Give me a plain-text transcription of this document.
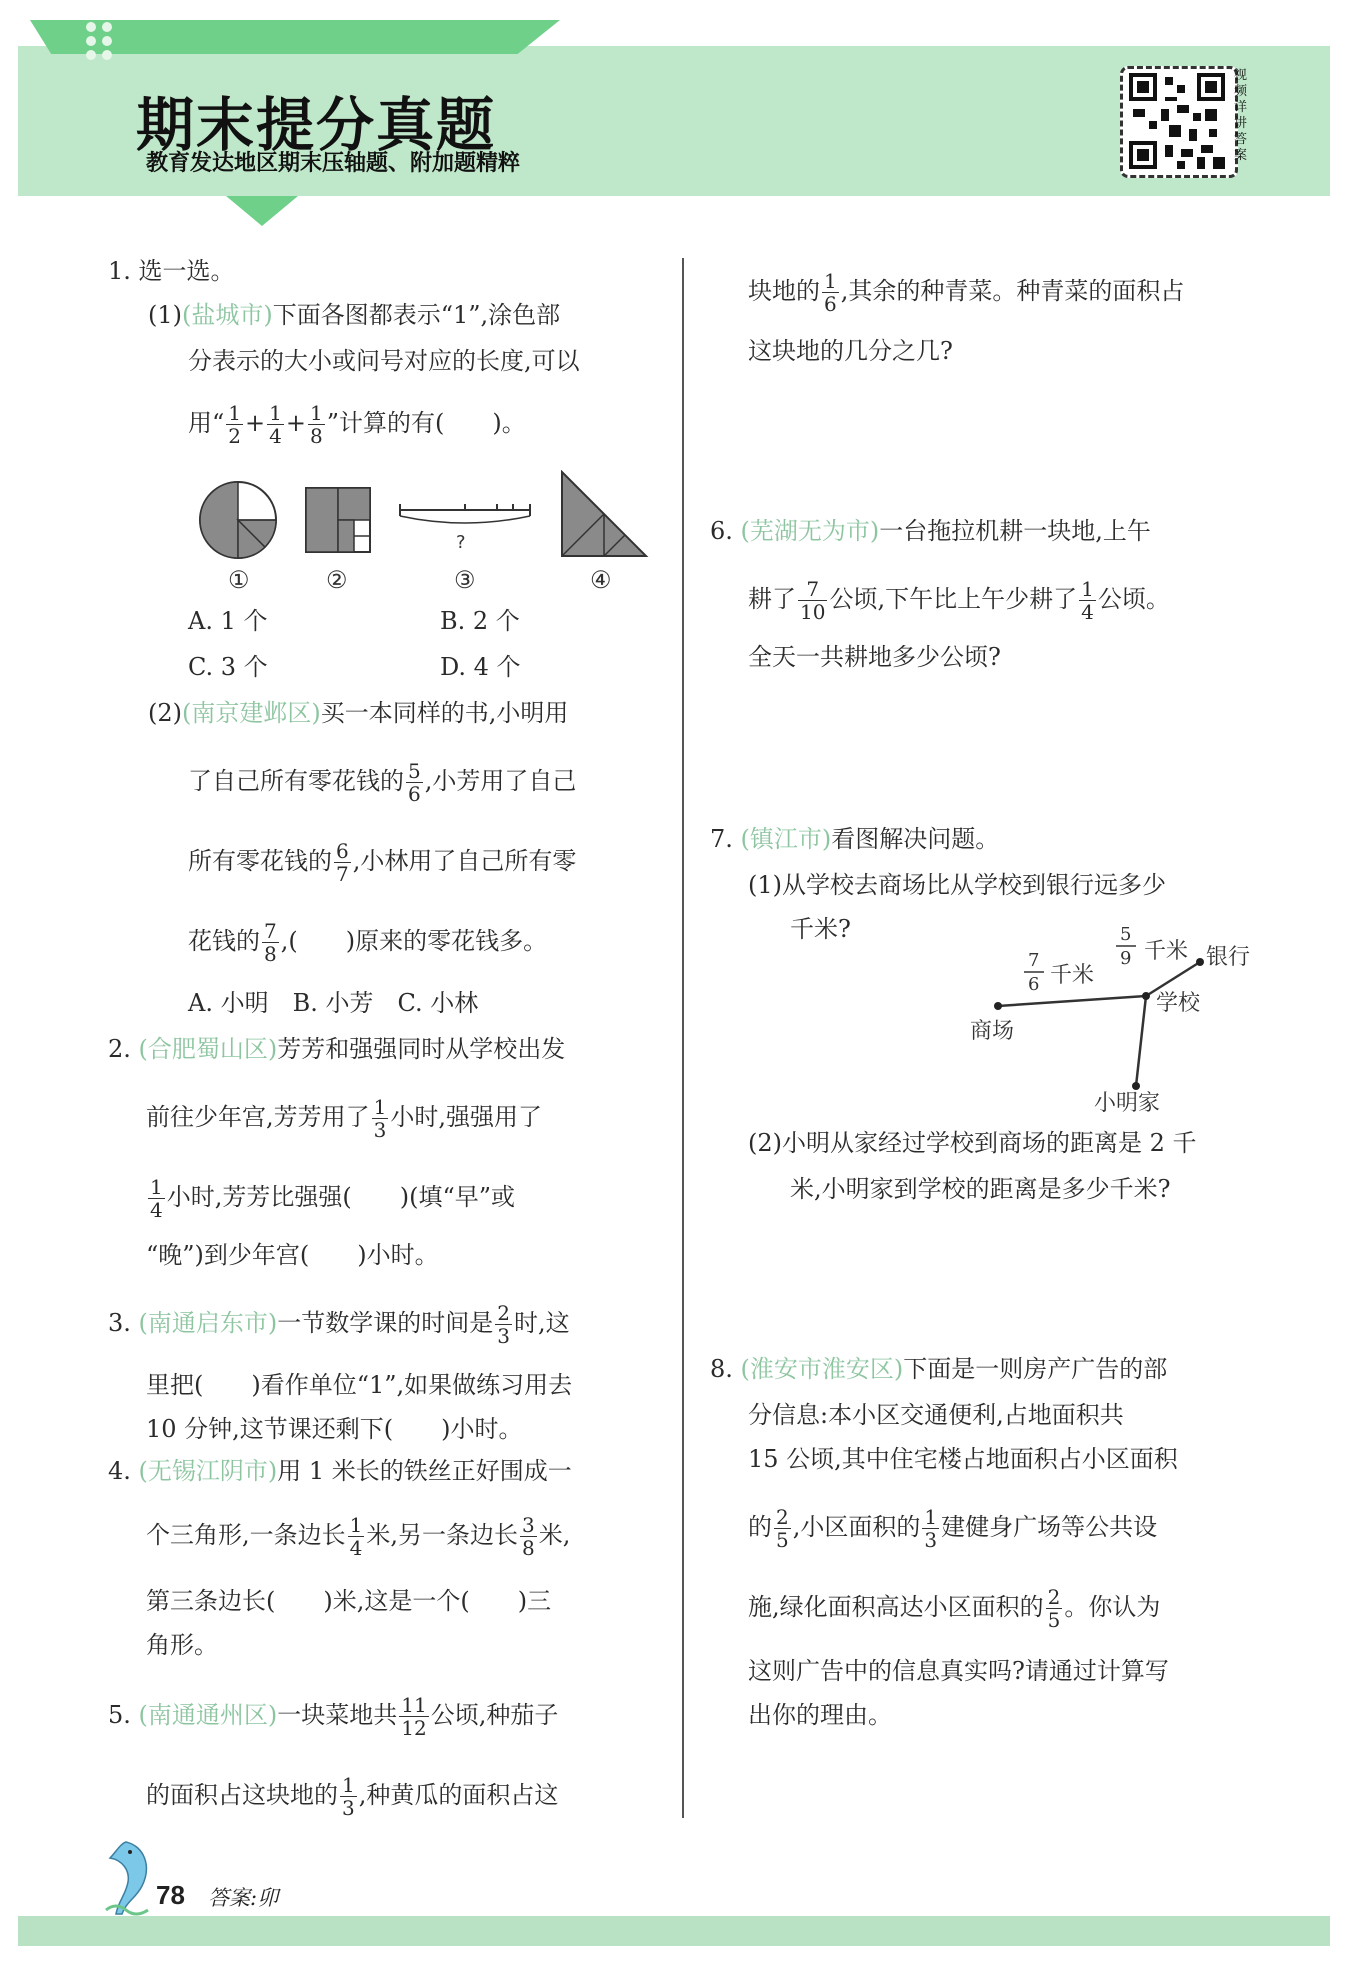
期末提分真题
教育发达地区期末压轴题、附加题精粹
视频详讲答案
1. 选一选。
(1)(盐城市)下面各图都表示“1”,涂色部
分表示的大小或问号对应的长度,可以
用“ $\frac{1}{2} + \frac{1}{4} + \frac{1}{8}$ ”计算的有(　　)。
?
①	②	③	④
A. 1 个	B. 2 个
C. 3 个	D. 4 个
(2)(南京建邺区)买一本同样的书,小明用
了自己所有零花钱的 $\frac{5}{6}$ ,小芳用了自己
所有零花钱的 $\frac{6}{7}$ ,小林用了自己所有零
花钱的 $\frac{7}{8}$ ,(　　)原来的零花钱多。
A. 小明　B. 小芳　C. 小林
2. (合肥蜀山区)芳芳和强强同时从学校出发
前往少年宫,芳芳用了 $\frac{1}{3}$ 小时,强强用了
$\frac{1}{4}$ 小时,芳芳比强强(　　)(填“早”或
“晚”)到少年宫(　　)小时。
3. (南通启东市)一节数学课的时间是 $\frac{2}{3}$ 时,这
里把(　　)看作单位“1”,如果做练习用去
10 分钟,这节课还剩下(　　)小时。
4. (无锡江阴市)用 1 米长的铁丝正好围成一
个三角形,一条边长 $\frac{1}{4}$ 米,另一条边长 $\frac{3}{8}$ 米,
第三条边长(　　)米,这是一个(　　)三
角形。
5. (南通通州区)一块菜地共 $\frac{11}{12}$ 公顷,种茄子
的面积占这块地的 $\frac{1}{3}$ ,种黄瓜的面积占这
块地的 $\frac{1}{6}$ ,其余的种青菜。种青菜的面积占
这块地的几分之几?
6. (芜湖无为市)一台拖拉机耕一块地,上午
耕了 $\frac{7}{10}$ 公顷,下午比上午少耕了 $\frac{1}{4}$ 公顷。
全天一共耕地多少公顷?
7. (镇江市)看图解决问题。
(1)从学校去商场比从学校到银行远多少
千米?
银行
学校
商场
小明家
5
9 千米
7
6 千米
(2)小明从家经过学校到商场的距离是 2 千
米,小明家到学校的距离是多少千米?
8. (淮安市淮安区)下面是一则房产广告的部
分信息:本小区交通便利,占地面积共
15 公顷,其中住宅楼占地面积占小区面积
的 $\frac{2}{5}$ ,小区面积的 $\frac{1}{3}$ 建健身广场等公共设
施,绿化面积高达小区面积的 $\frac{2}{5}$ 。你认为
这则广告中的信息真实吗?请通过计算写
出你的理由。
78 答案:卯
